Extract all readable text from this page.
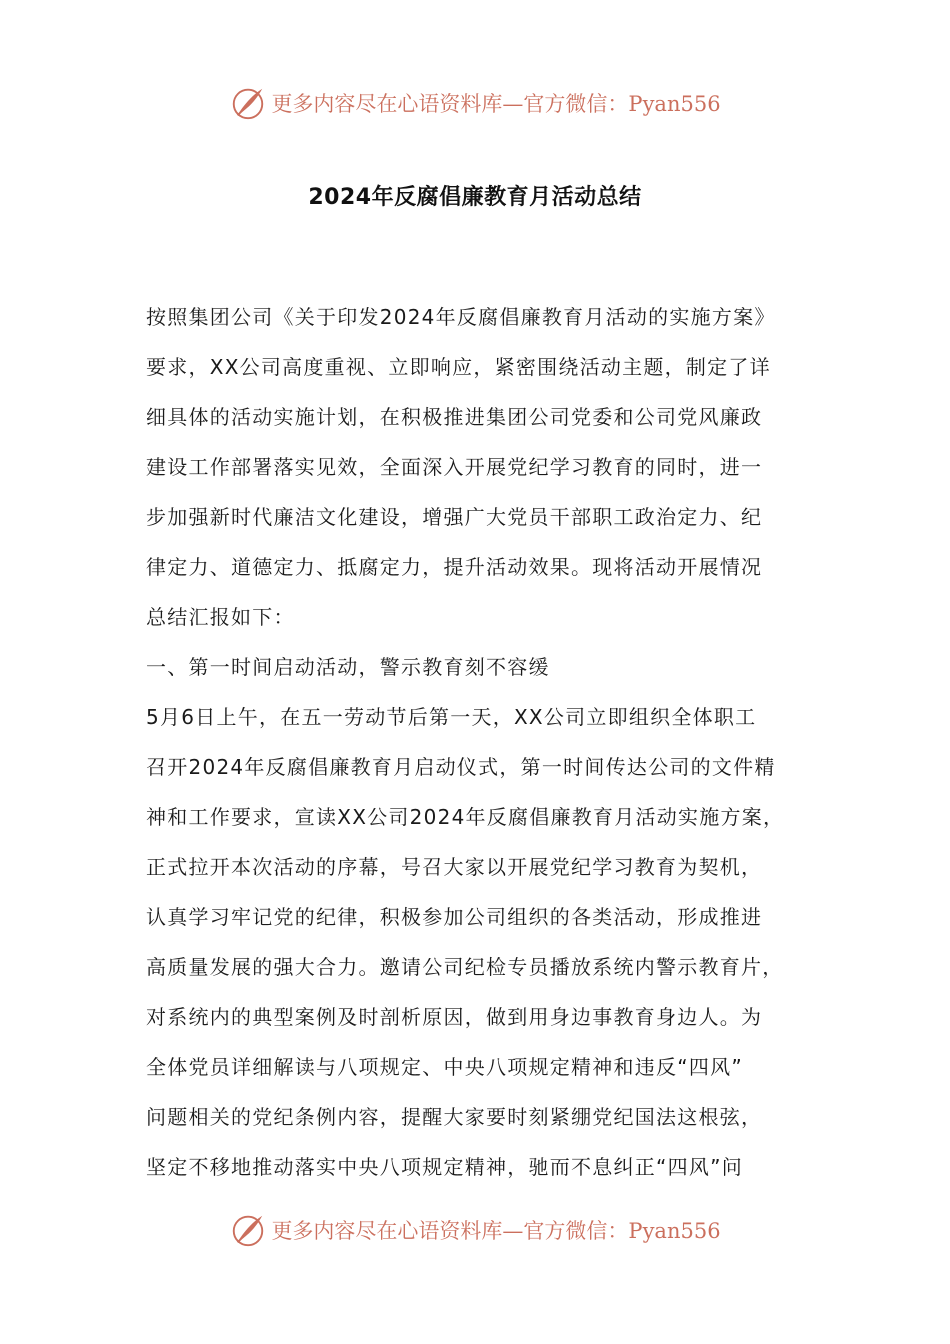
更多内容尽在心语资料库—官方微信：Pyan556
2024年反腐倡廉教育月活动总结
按照集团公司《关于印发2024年反腐倡廉教育月活动的实施方案》
要求，XX公司高度重视、立即响应，紧密围绕活动主题，制定了详
细具体的活动实施计划，在积极推进集团公司党委和公司党风廉政
建设工作部署落实见效，全面深入开展党纪学习教育的同时，进一
步加强新时代廉洁文化建设，增强广大党员干部职工政治定力、纪
律定力、道德定力、抵腐定力，提升活动效果。现将活动开展情况
总结汇报如下：
一、第一时间启动活动，警示教育刻不容缓
5月6日上午，在五一劳动节后第一天，XX公司立即组织全体职工
召开2024年反腐倡廉教育月启动仪式，第一时间传达公司的文件精
神和工作要求，宣读XX公司2024年反腐倡廉教育月活动实施方案，
正式拉开本次活动的序幕，号召大家以开展党纪学习教育为契机，
认真学习牢记党的纪律，积极参加公司组织的各类活动，形成推进
高质量发展的强大合力。邀请公司纪检专员播放系统内警示教育片，
对系统内的典型案例及时剖析原因，做到用身边事教育身边人。为
全体党员详细解读与八项规定、中央八项规定精神和违反“四风”
问题相关的党纪条例内容，提醒大家要时刻紧绷党纪国法这根弦，
坚定不移地推动落实中央八项规定精神，驰而不息纠正“四风”问
更多内容尽在心语资料库—官方微信：Pyan556
